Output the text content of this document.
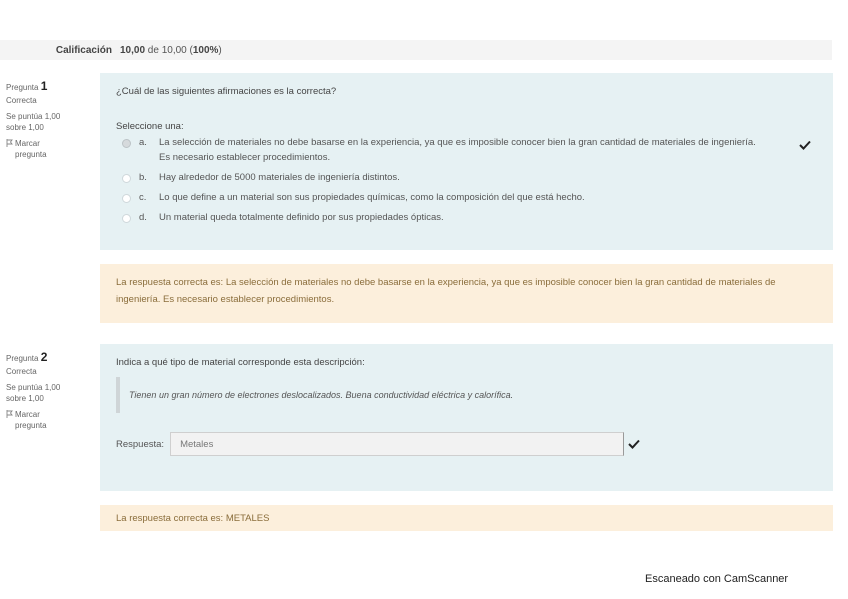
Calificación 10,00 de 10,00 (100%)
Pregunta 1
Correcta
Se puntúa 1,00
sobre 1,00
Marcar
pregunta
¿Cuál de las siguientes afirmaciones es la correcta?
Seleccione una:
a.	La selección de materiales no debe basarse en la experiencia, ya que es imposible conocer bien la gran cantidad de materiales de ingeniería. Es necesario establecer procedimientos.
b.	Hay alrededor de 5000 materiales de ingeniería distintos.
c.	Lo que define a un material son sus propiedades químicas, como la composición del que está hecho.
d.	Un material queda totalmente definido por sus propiedades ópticas.
La respuesta correcta es: La selección de materiales no debe basarse en la experiencia, ya que es imposible conocer bien la gran cantidad de materiales de ingeniería. Es necesario establecer procedimientos.
Pregunta 2
Correcta
Se puntúa 1,00
sobre 1,00
Marcar
pregunta
Indica a qué tipo de material corresponde esta descripción:
Tienen un gran número de electrones deslocalizados. Buena conductividad eléctrica y calorífica.
Respuesta: Metales
La respuesta correcta es: METALES
Escaneado con CamScanner
